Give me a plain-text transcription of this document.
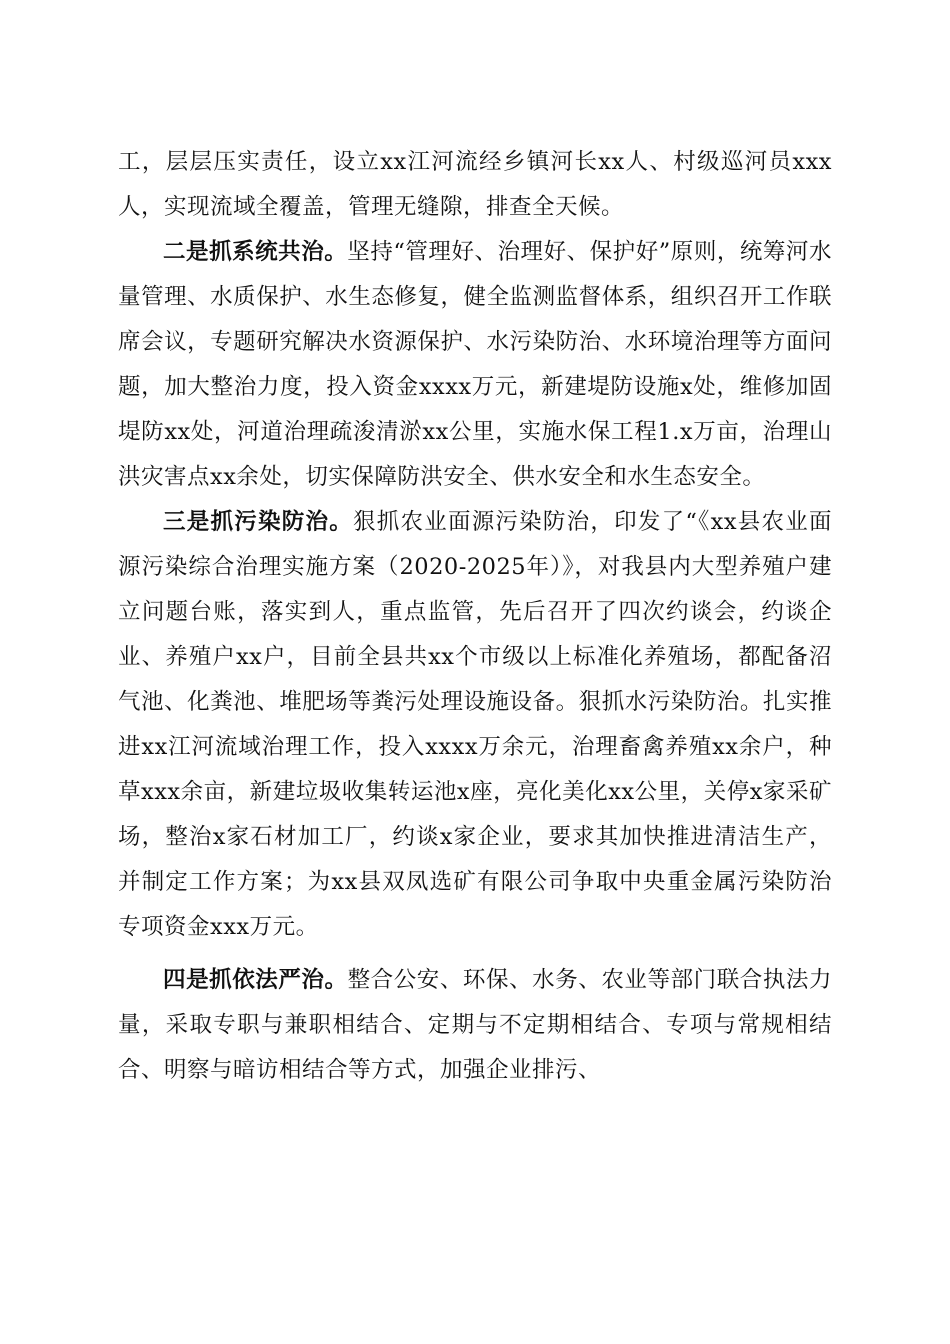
工，层层压实责任，设立xx江河流经乡镇河长xx人、村级巡河员xxx人，实现流域全覆盖，管理无缝隙，排查全天候。

二是抓系统共治。坚持“管理好、治理好、保护好”原则，统筹河水量管理、水质保护、水生态修复，健全监测监督体系，组织召开工作联席会议，专题研究解决水资源保护、水污染防治、水环境治理等方面问题，加大整治力度，投入资金xxxx万元，新建堤防设施x处，维修加固堤防xx处，河道治理疏浚清淤xx公里，实施水保工程1.x万亩，治理山洪灾害点xx余处，切实保障防洪安全、供水安全和水生态安全。

三是抓污染防治。狠抓农业面源污染防治，印发了“《xx县农业面源污染综合治理实施方案（2020-2025年）》，对我县内大型养殖户建立问题台账，落实到人，重点监管，先后召开了四次约谈会，约谈企业、养殖户xx户，目前全县共xx个市级以上标准化养殖场，都配备沼气池、化粪池、堆肥场等粪污处理设施设备。狠抓水污染防治。扎实推进xx江河流域治理工作，投入xxxx万余元，治理畜禽养殖xx余户，种草xxx余亩，新建垃圾收集转运池x座，亮化美化xx公里，关停x家采矿场，整治x家石材加工厂，约谈x家企业，要求其加快推进清洁生产，并制定工作方案；为xx县双凤选矿有限公司争取中央重金属污染防治专项资金xxx万元。

四是抓依法严治。整合公安、环保、水务、农业等部门联合执法力量，采取专职与兼职相结合、定期与不定期相结合、专项与常规相结合、明察与暗访相结合等方式，加强企业排污、
